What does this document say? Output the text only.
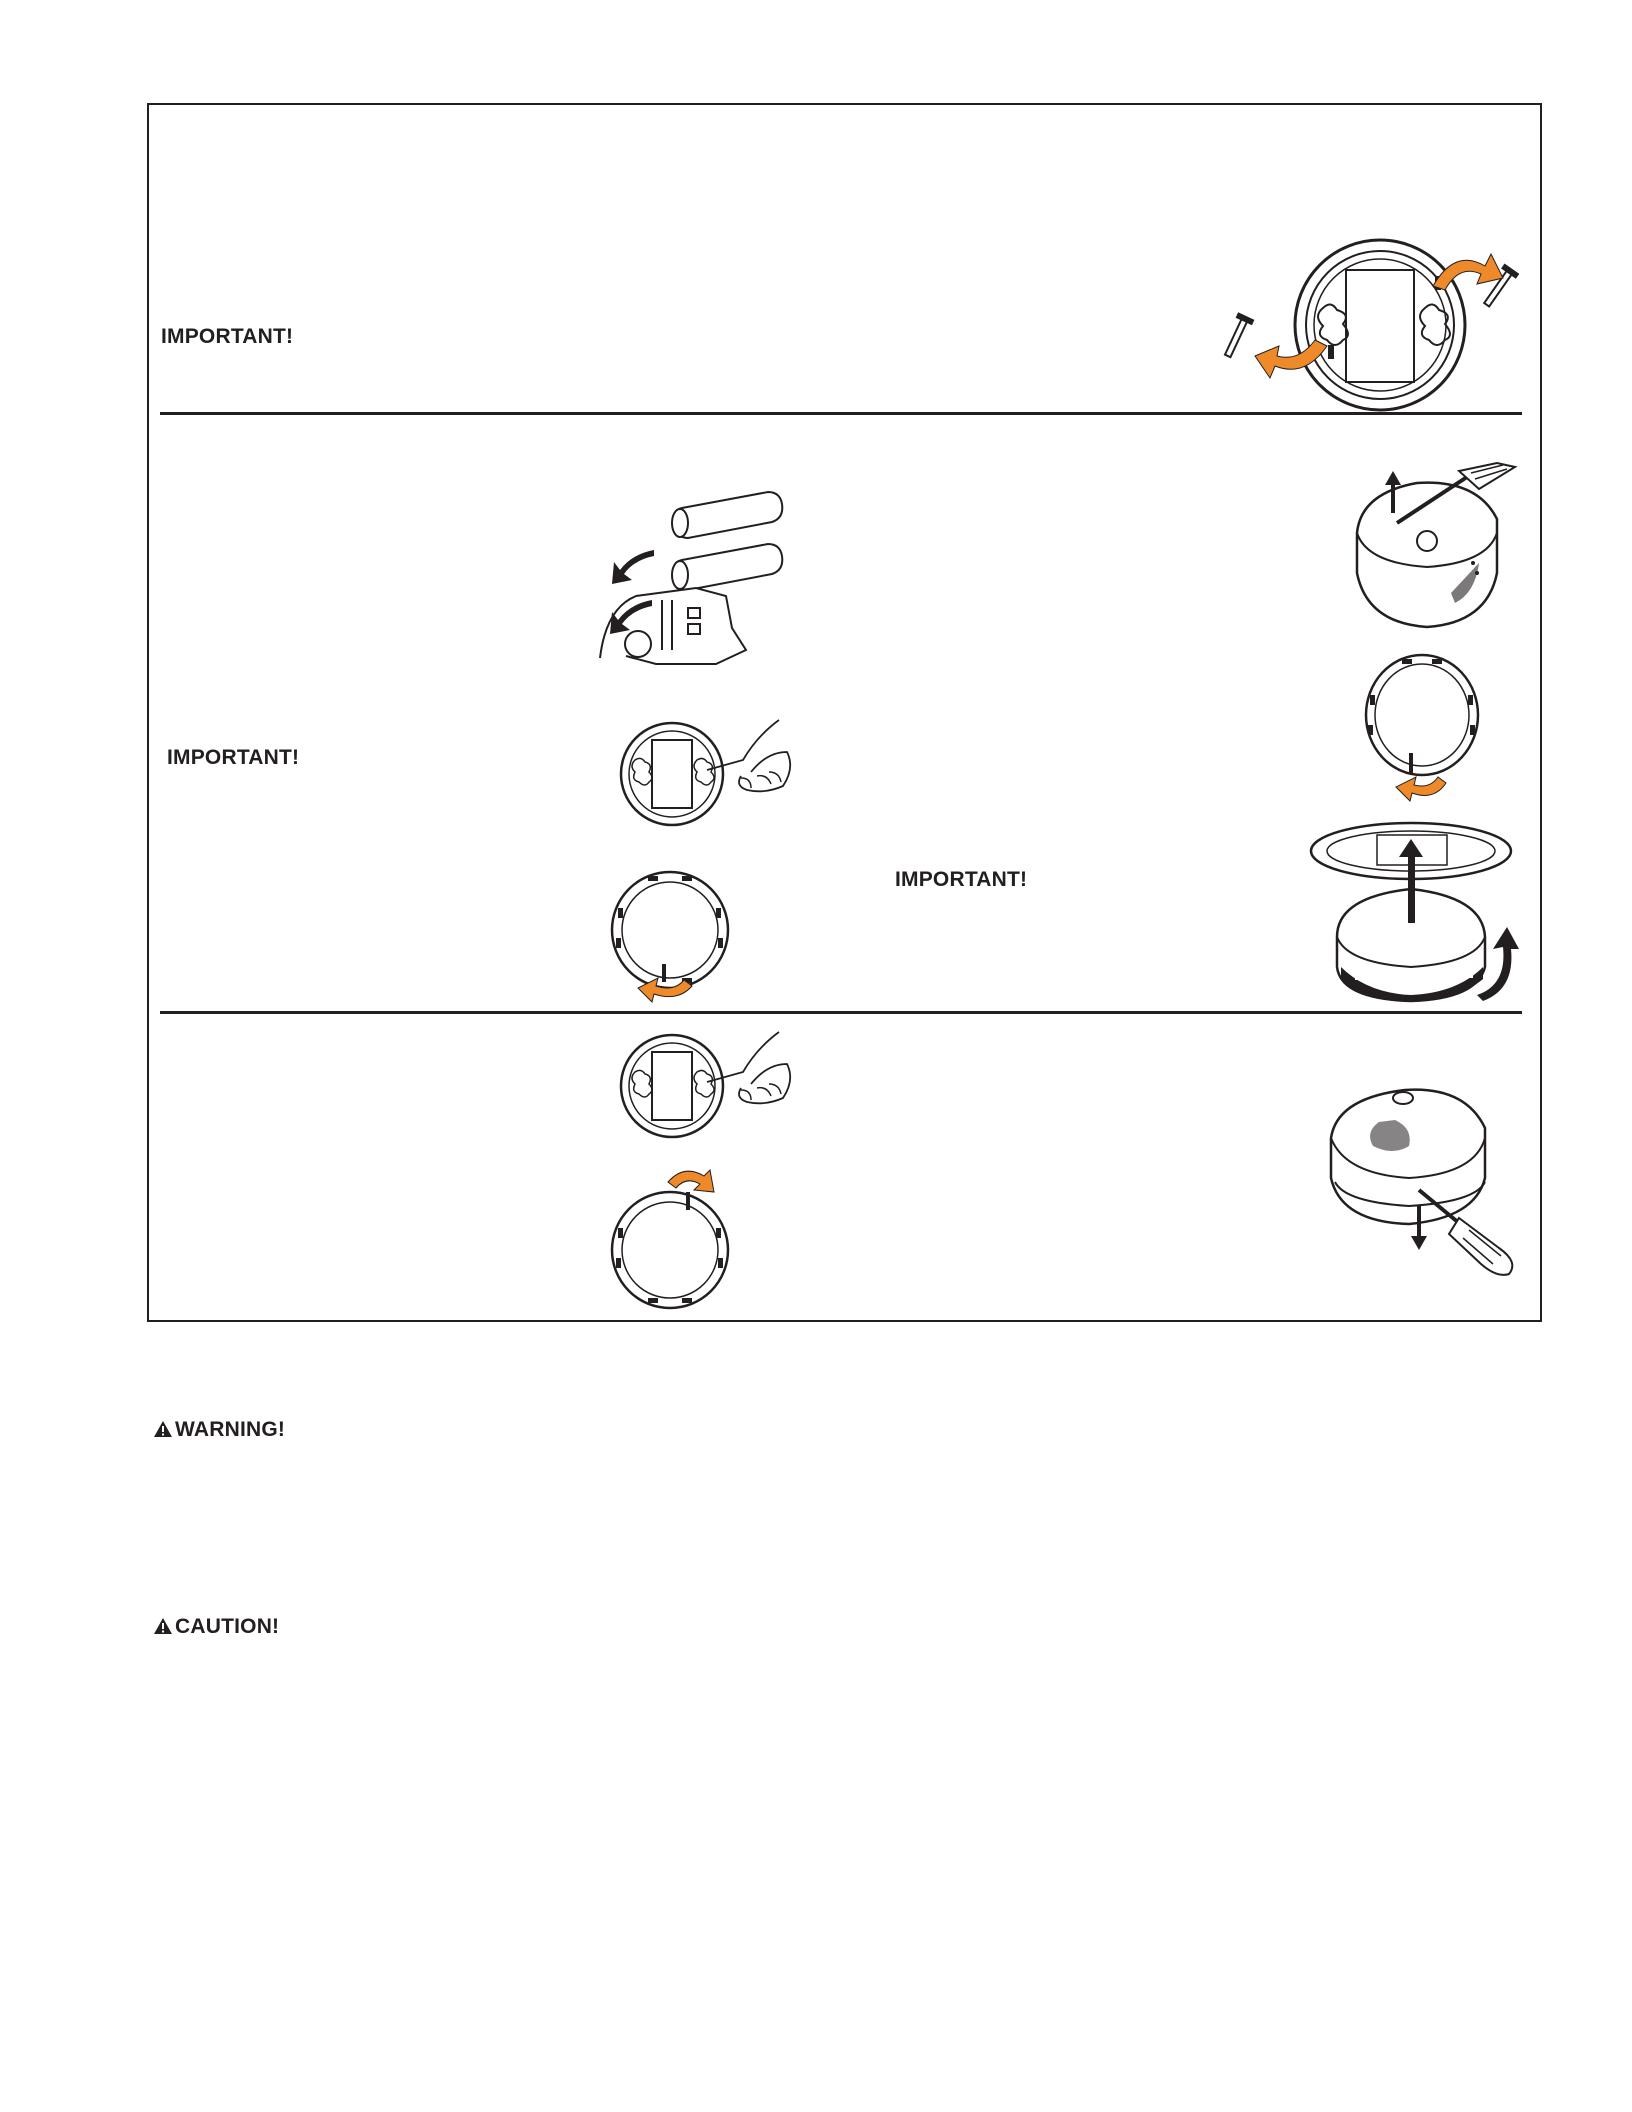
IMPORTANT!
IMPORTANT!
IMPORTANT!
WARNING!
CAUTION!
